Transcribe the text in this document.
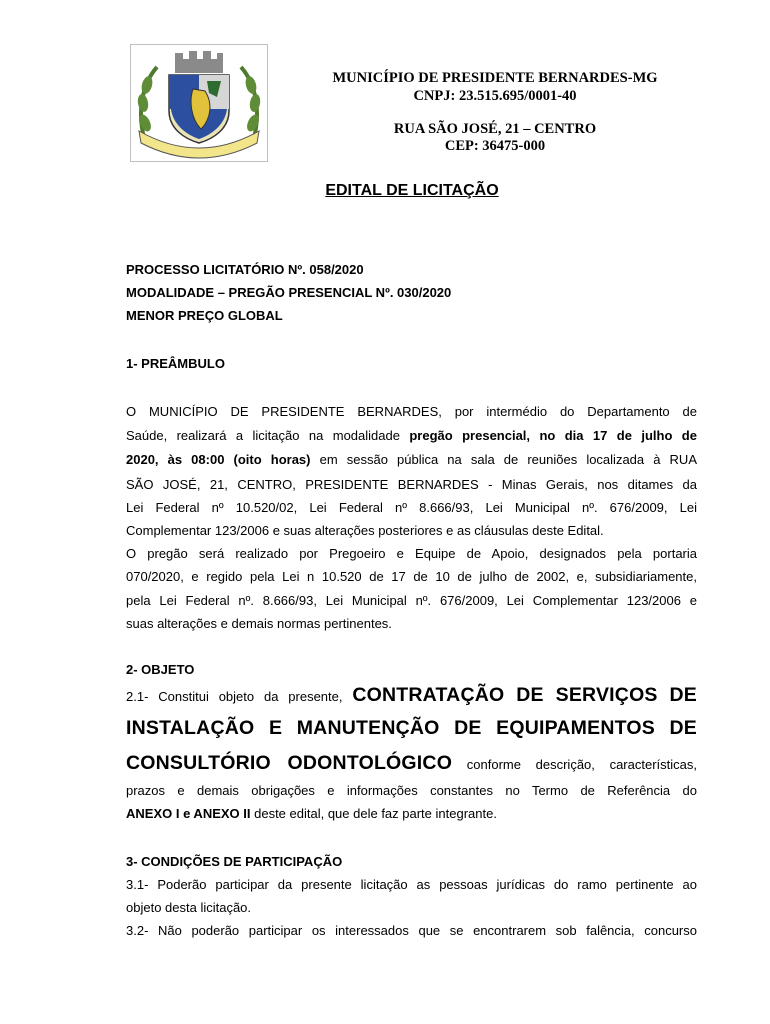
MUNICÍPIO DE PRESIDENTE BERNARDES-MG
CNPJ: 23.515.695/0001-40
RUA SÃO JOSÉ, 21 – CENTRO
CEP: 36475-000
EDITAL DE LICITAÇÃO
PROCESSO LICITATÓRIO Nº. 058/2020
MODALIDADE – PREGÃO PRESENCIAL Nº. 030/2020
MENOR PREÇO GLOBAL
1- PREÂMBULO
O MUNICÍPIO DE PRESIDENTE BERNARDES, por intermédio do Departamento de
Saúde, realizará a licitação na modalidade pregão presencial, no dia 17 de julho de
2020, às 08:00 (oito horas) em sessão pública na sala de reuniões localizada à RUA
SÃO JOSÉ, 21, CENTRO, PRESIDENTE BERNARDES - Minas Gerais, nos ditames da
Lei Federal nº 10.520/02, Lei Federal nº 8.666/93, Lei Municipal nº. 676/2009, Lei
Complementar 123/2006 e suas alterações posteriores e as cláusulas deste Edital.
O pregão será realizado por Pregoeiro e Equipe de Apoio, designados pela portaria
070/2020, e regido pela Lei n 10.520 de 17 de 10 de julho de 2002, e, subsidiariamente,
pela Lei Federal nº. 8.666/93, Lei Municipal nº. 676/2009, Lei Complementar 123/2006 e
suas alterações e demais normas pertinentes.
2- OBJETO
2.1- Constitui objeto da presente, CONTRATAÇÃO DE SERVIÇOS DE
INSTALAÇÃO E MANUTENÇÃO DE EQUIPAMENTOS DE
CONSULTÓRIO ODONTOLÓGICO conforme descrição, características,
prazos e demais obrigações e informações constantes no Termo de Referência do
ANEXO I e ANEXO II deste edital, que dele faz parte integrante.
3- CONDIÇÕES DE PARTICIPAÇÃO
3.1- Poderão participar da presente licitação as pessoas jurídicas do ramo pertinente ao
objeto desta licitação.
3.2- Não poderão participar os interessados que se encontrarem sob falência, concurso
